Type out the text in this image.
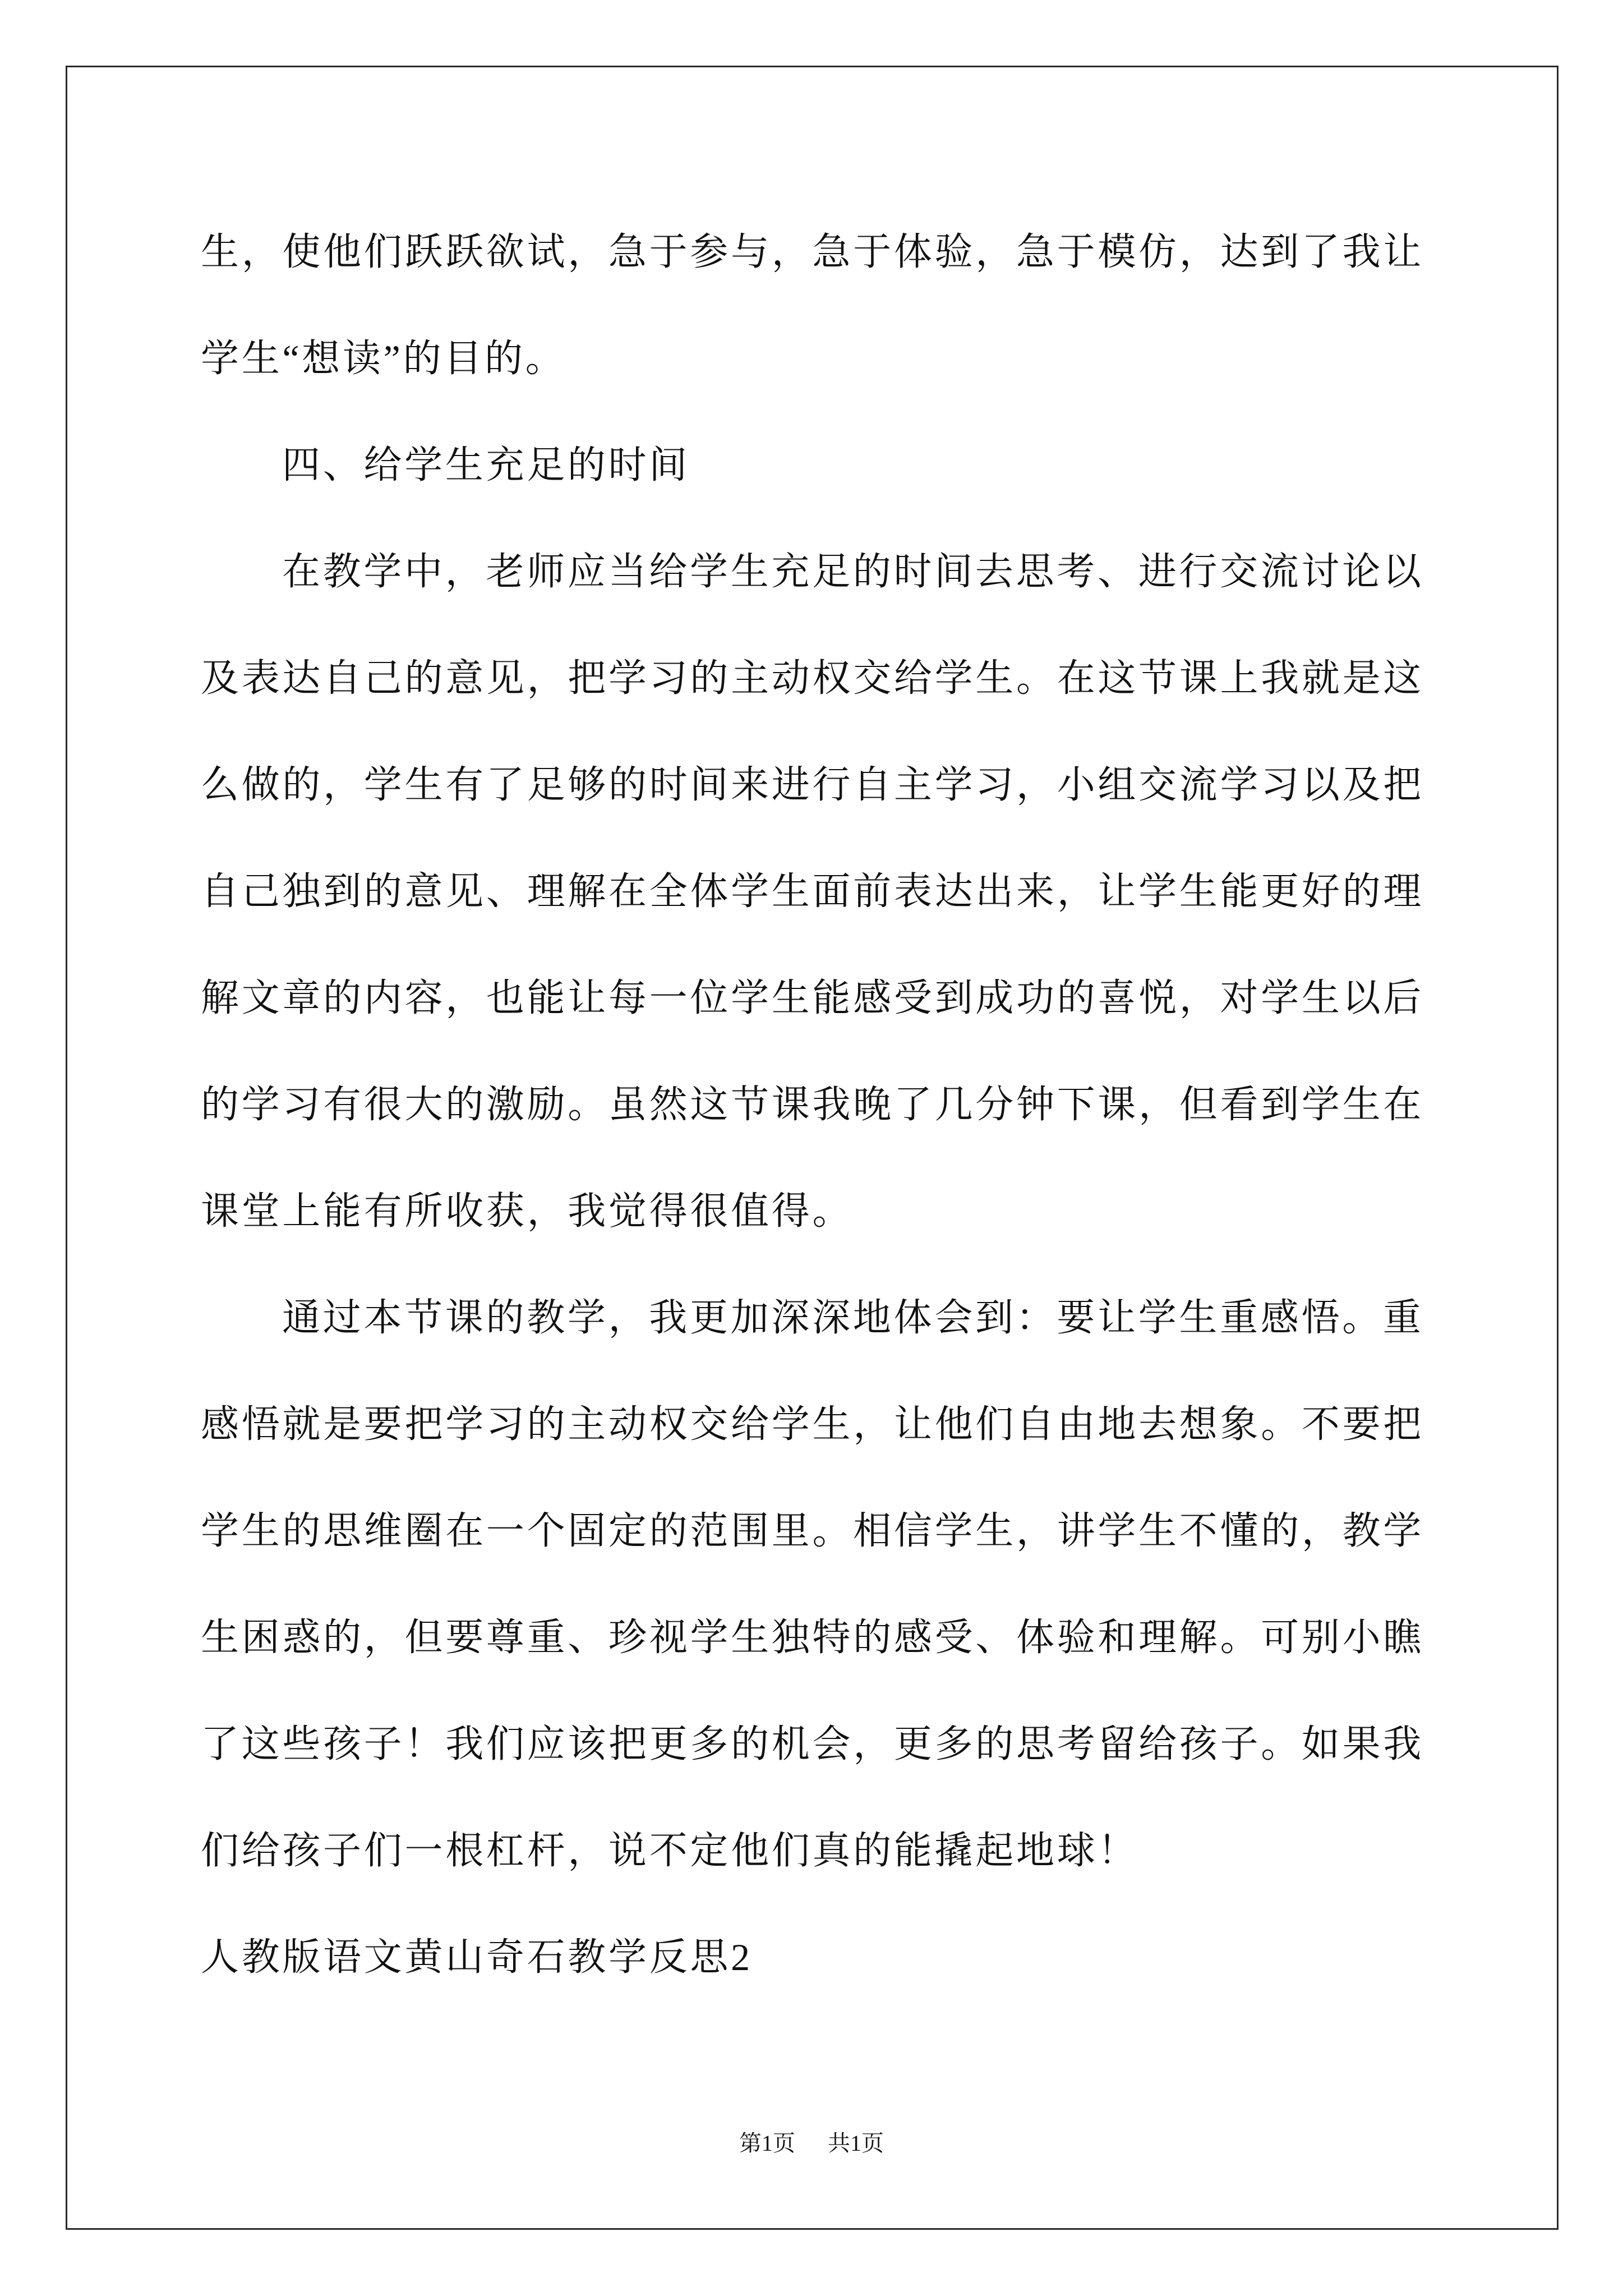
生，使他们跃跃欲试，急于参与，急于体验，急于模仿，达到了我让
学生“想读”的目的。
四、给学生充足的时间
在教学中，老师应当给学生充足的时间去思考、进行交流讨论以
及表达自己的意见，把学习的主动权交给学生。在这节课上我就是这
么做的，学生有了足够的时间来进行自主学习，小组交流学习以及把
自己独到的意见、理解在全体学生面前表达出来，让学生能更好的理
解文章的内容，也能让每一位学生能感受到成功的喜悦，对学生以后
的学习有很大的激励。虽然这节课我晚了几分钟下课，但看到学生在
课堂上能有所收获，我觉得很值得。
通过本节课的教学，我更加深深地体会到：要让学生重感悟。重
感悟就是要把学习的主动权交给学生，让他们自由地去想象。不要把
学生的思维圈在一个固定的范围里。相信学生，讲学生不懂的，教学
生困惑的，但要尊重、珍视学生独特的感受、体验和理解。可别小瞧
了这些孩子！我们应该把更多的机会，更多的思考留给孩子。如果我
们给孩子们一根杠杆，说不定他们真的能撬起地球！
人教版语文黄山奇石教学反思2
第1页 共1页
